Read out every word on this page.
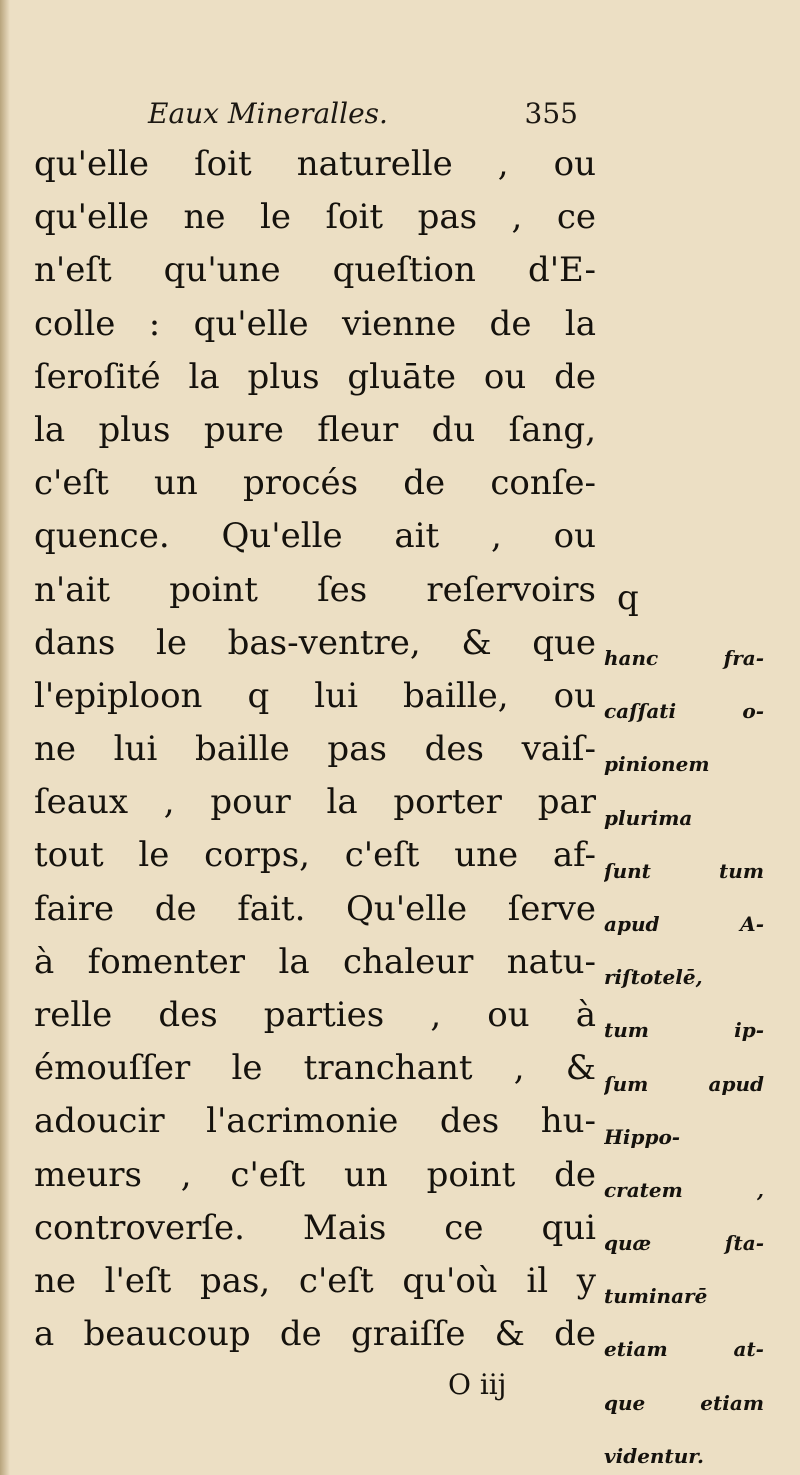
Eaux Mineralles.	355
qu'elle ſoit naturelle , ou
qu'elle ne le ſoit pas , ce
n'eſt qu'une queſtion d'E-
colle : qu'elle vienne de la
ſeroſité la plus gluāte ou de
la plus pure fleur du ſang,
c'eſt un procés de conſe-
quence. Qu'elle ait , ou
n'ait point ſes reſervoirs
dans le bas-ventre, & que
l'epiploon q lui baille, ou
ne lui baille pas des vaiſ-
ſeaux , pour la porter par
tout le corps, c'eſt une af-
faire de fait. Qu'elle ſerve
à fomenter la chaleur natu-
relle des parties , ou à
émouſſer le tranchant , &
adoucir l'acrimonie des hu-
meurs , c'eſt un point de
controverſe. Mais ce qui
ne l'eſt pas, c'eſt qu'où il y
a beaucoup de graiſſe & de
q
hanc fra-
caſſati o-
pinionem
plurima
ſunt tum
apud A-
riſtotelē,
tum ip-
ſum apud
Hippo-
cratem ,
quæ ſta-
tuminarē
etiam at-
que etiam
videntur.
O iij
